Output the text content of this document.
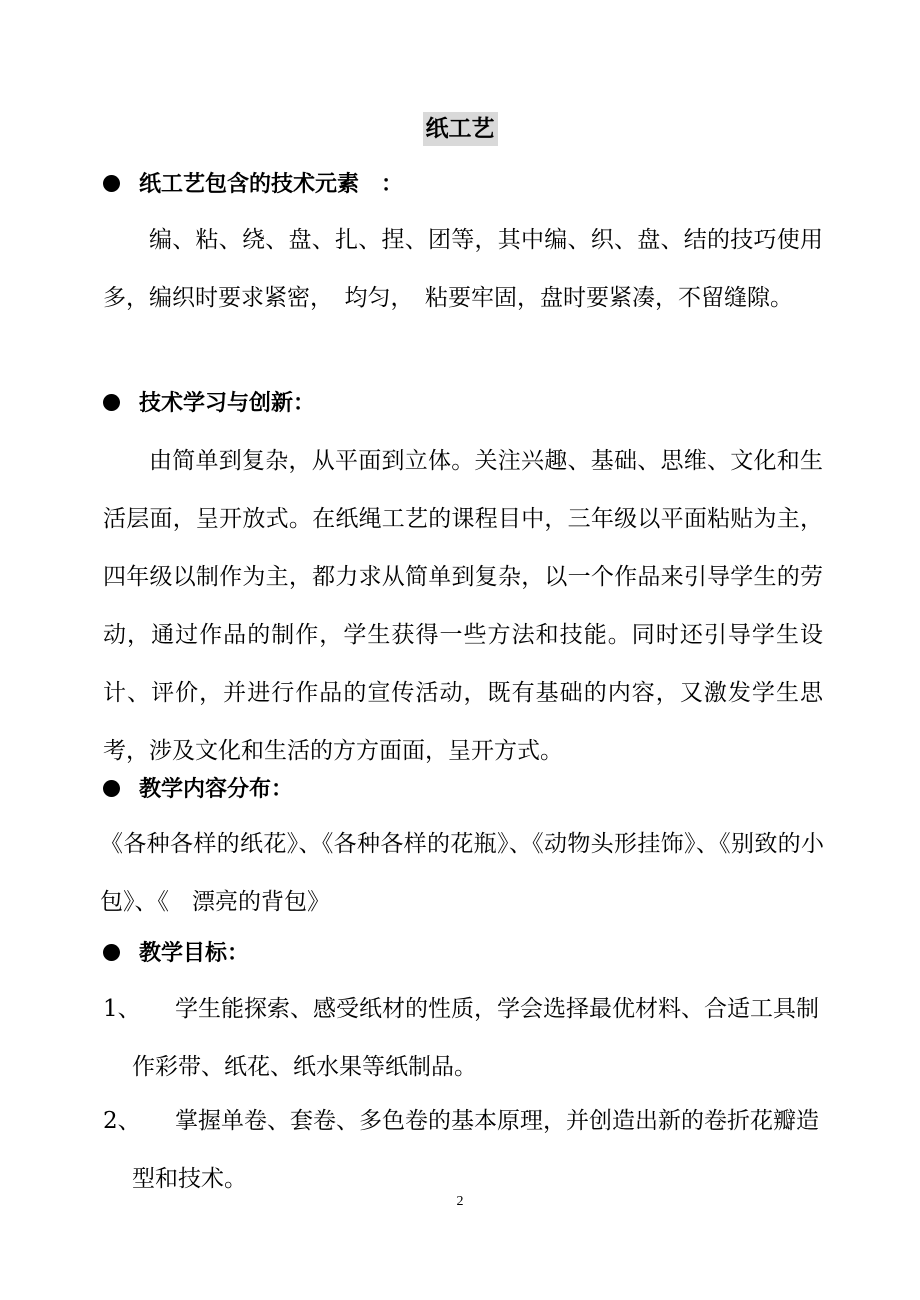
纸工艺
纸工艺包含的技术元素　：
编、粘、绕、盘、扎、捏、团等，其中编、织、盘、结的技巧使用多，编织时要求紧密，　均匀，　粘要牢固，盘时要紧凑，不留缝隙。
技术学习与创新：
由简单到复杂，从平面到立体。关注兴趣、基础、思维、文化和生活层面，呈开放式。在纸绳工艺的课程目中，三年级以平面粘贴为主，四年级以制作为主，都力求从简单到复杂，以一个作品来引导学生的劳动，通过作品的制作，学生获得一些方法和技能。同时还引导学生设计、评价，并进行作品的宣传活动，既有基础的内容，又激发学生思考，涉及文化和生活的方方面面，呈开方式。
教学内容分布：
《各种各样的纸花》、《各种各样的花瓶》、《动物头形挂饰》、《别致的小包》、《　漂亮的背包》
教学目标：
1、	学生能探索、感受纸材的性质，学会选择最优材料、合适工具制作彩带、纸花、纸水果等纸制品。
2、	掌握单卷、套卷、多色卷的基本原理，并创造出新的卷折花瓣造型和技术。
2
